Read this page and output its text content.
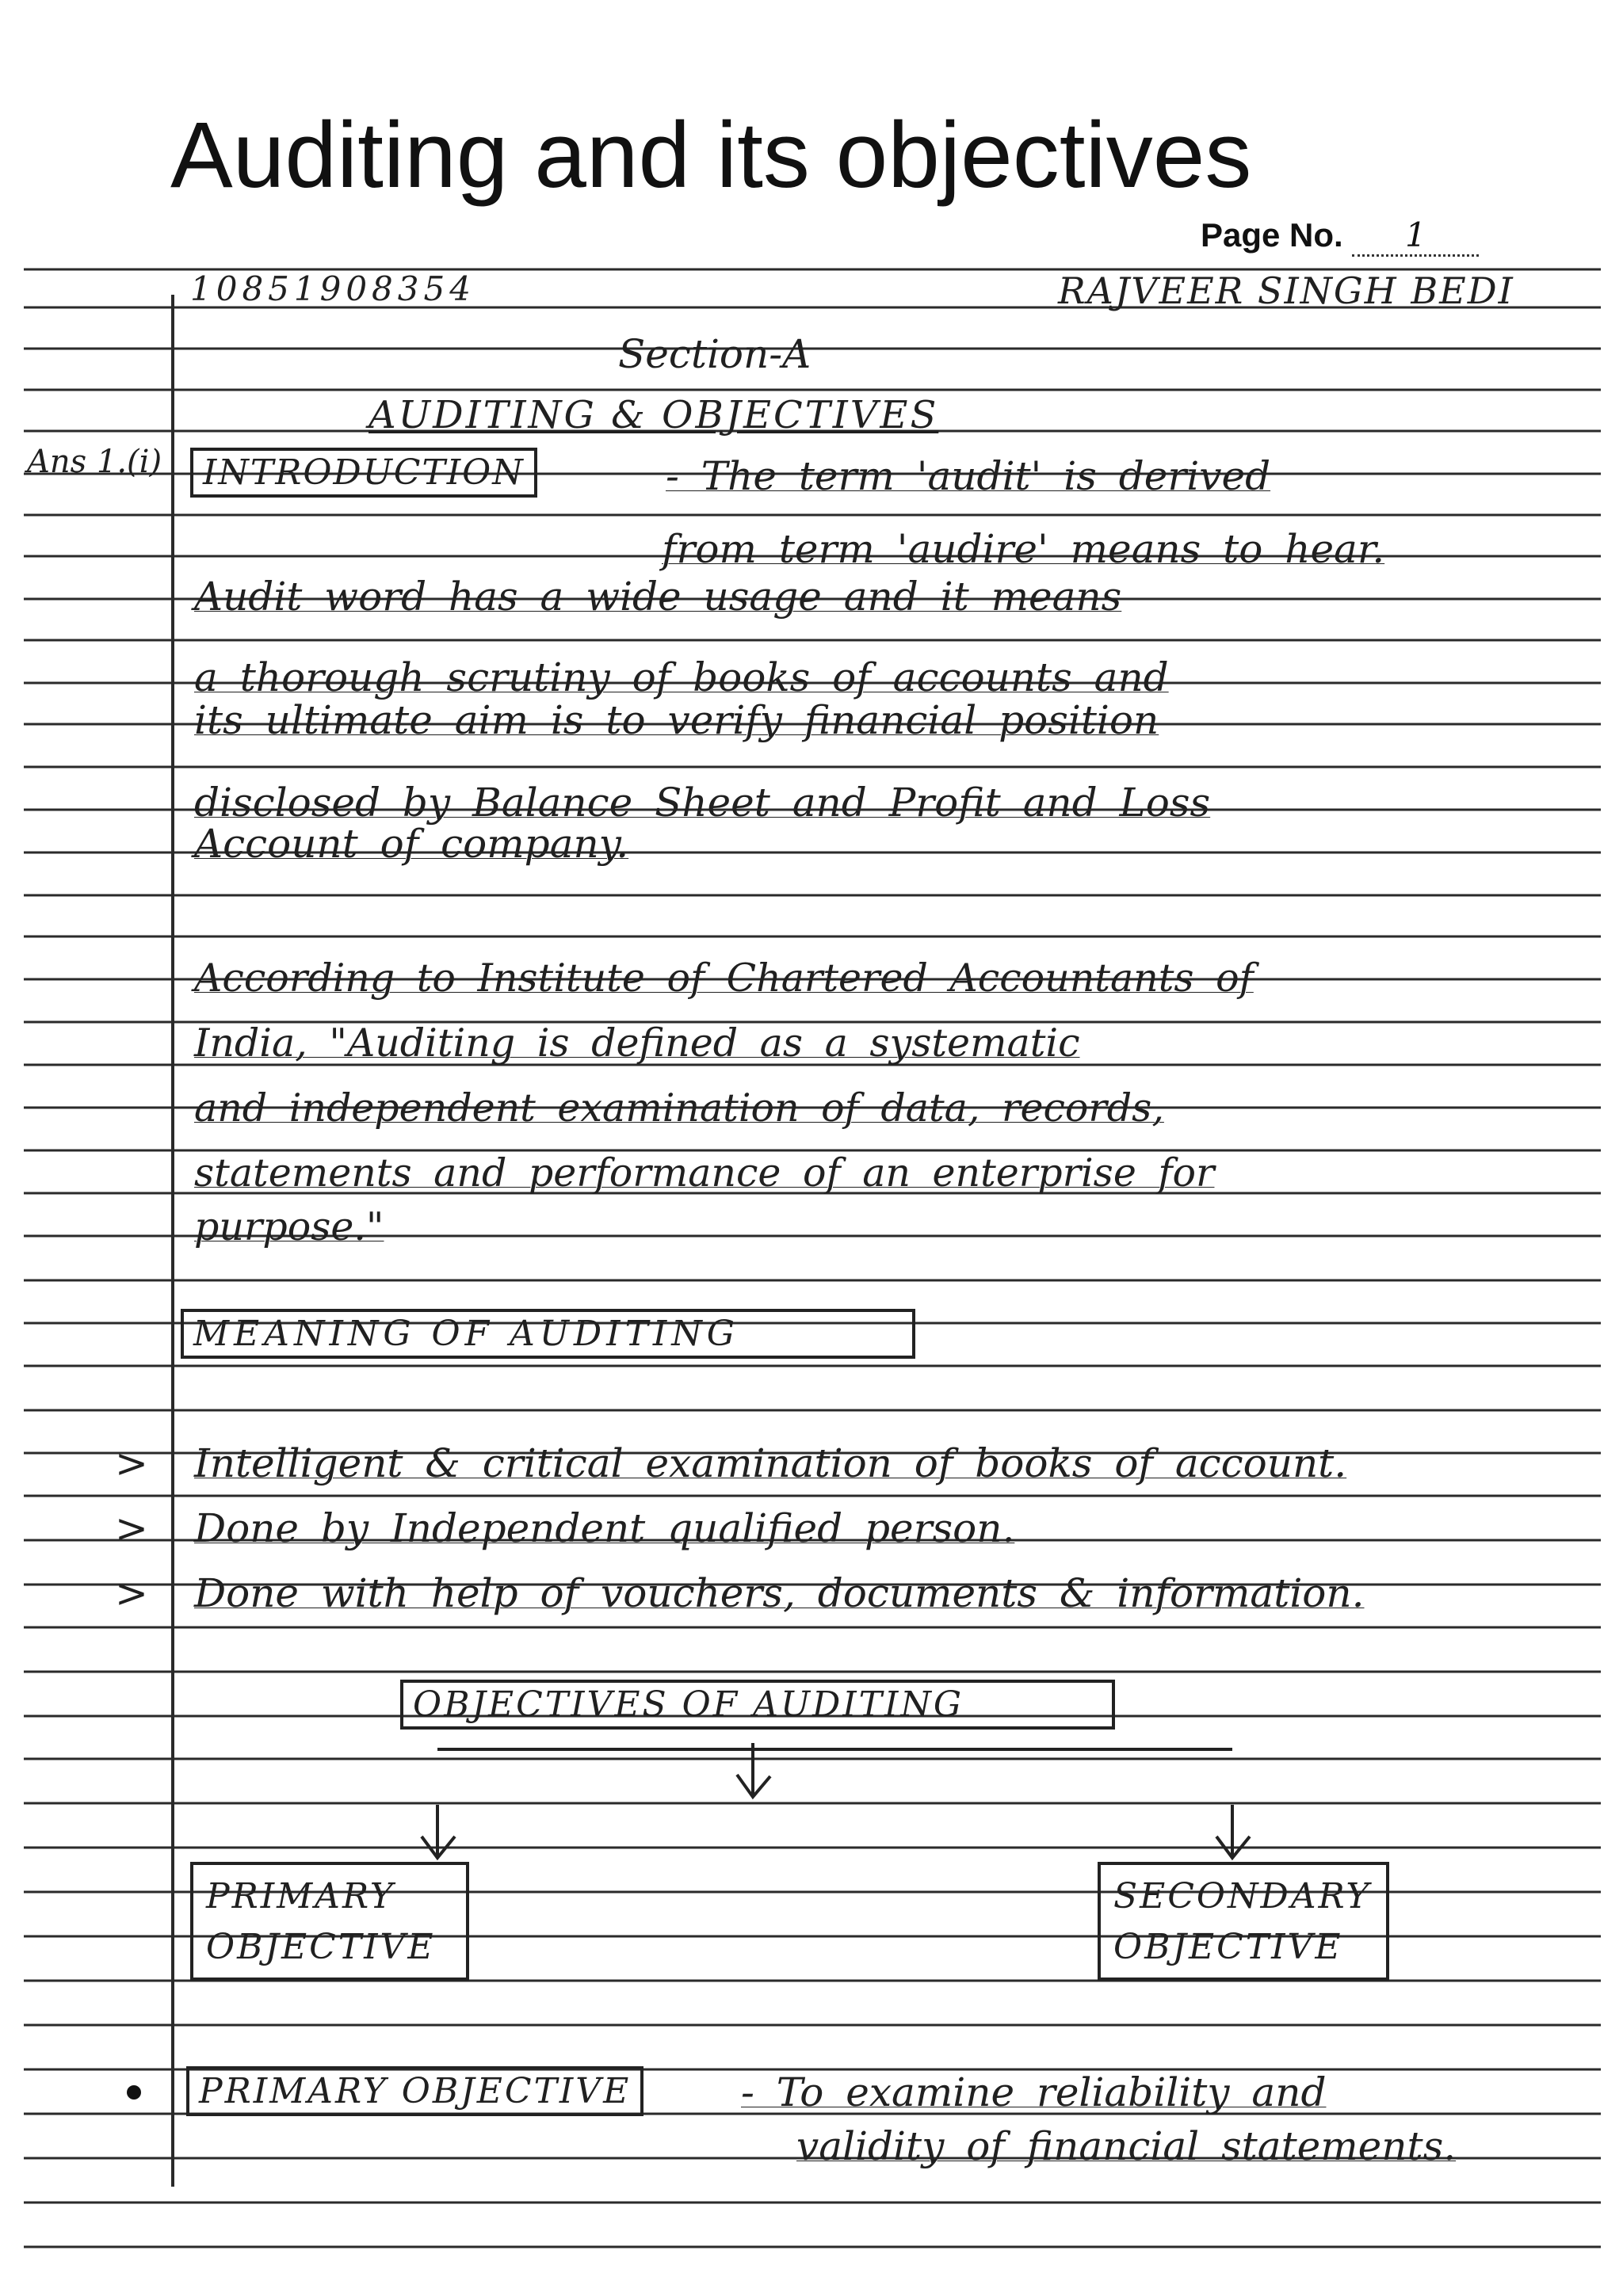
Auditing and its objectives
Page No. 1
10851908354	RAJVEER SINGH BEDI
Section-A
AUDITING & OBJECTIVES
Ans 1.(i)	INTRODUCTION	- The term 'audit' is derived
from term 'audire' means to hear.
Audit word has a wide usage and it means
a thorough scrutiny of books of accounts and
its ultimate aim is to verify financial position
disclosed by Balance Sheet and Profit and Loss
Account of company.
According to Institute of Chartered Accountants of
India, "Auditing is defined as a systematic
and independent examination of data, records,
statements and performance of an enterprise for
purpose."
MEANING OF AUDITING
> Intelligent & critical examination of books of account.
> Done by Independent qualified person.
> Done with help of vouchers, documents & information.
OBJECTIVES OF AUDITING
PRIMARY OBJECTIVE
SECONDARY OBJECTIVE
PRIMARY OBJECTIVE	- To examine reliability and
validity of financial statements.
